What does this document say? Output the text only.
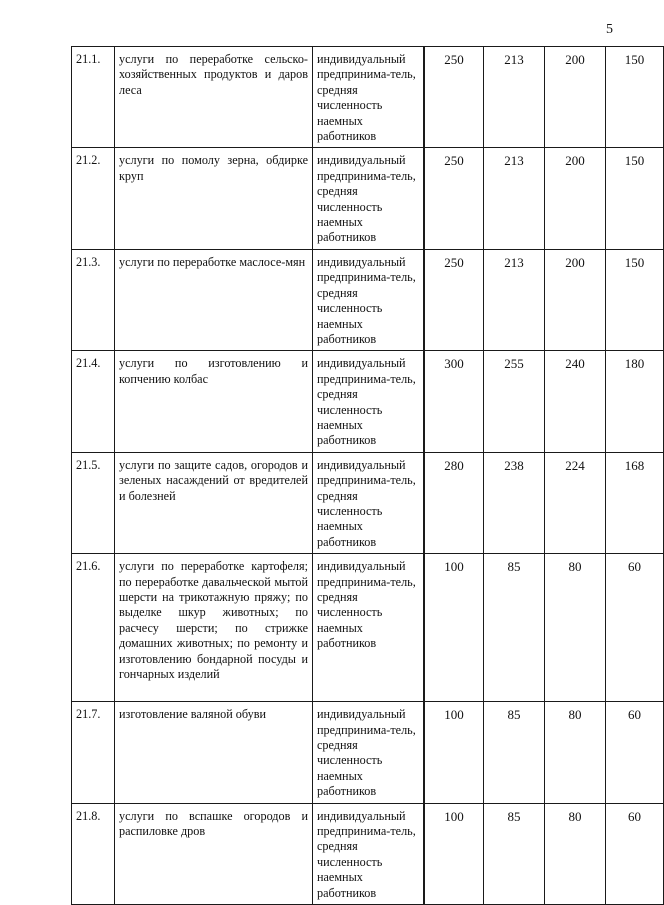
5
21.1.	услуги по переработке сельско-хозяйственных продуктов и даров леса	индивидуальный предпринима-тель, средняя численность наемных работников	250	213	200	150
21.2.	услуги по помолу зерна, обдирке круп	индивидуальный предпринима-тель, средняя численность наемных работников	250	213	200	150
21.3.	услуги по переработке маслосе-мян	индивидуальный предпринима-тель, средняя численность наемных работников	250	213	200	150
21.4.	услуги по изготовлению и копчению колбас	индивидуальный предпринима-тель, средняя численность наемных работников	300	255	240	180
21.5.	услуги по защите садов, огородов и зеленых насаждений от вредителей и болезней	индивидуальный предпринима-тель, средняя численность наемных работников	280	238	224	168
21.6.	услуги по переработке картофеля; по переработке давальческой мытой шерсти на трикотажную пряжу; по выделке шкур животных; по расчесу шерсти; по стрижке домашних животных; по ремонту и изготовлению бондарной посуды и гончарных изделий	индивидуальный предпринима-тель, средняя численность наемных работников	100	85	80	60
21.7.	изготовление валяной обуви	индивидуальный предпринима-тель, средняя численность наемных работников	100	85	80	60
21.8.	услуги по вспашке огородов и распиловке дров	индивидуальный предпринима-тель, средняя численность наемных работников	100	85	80	60
